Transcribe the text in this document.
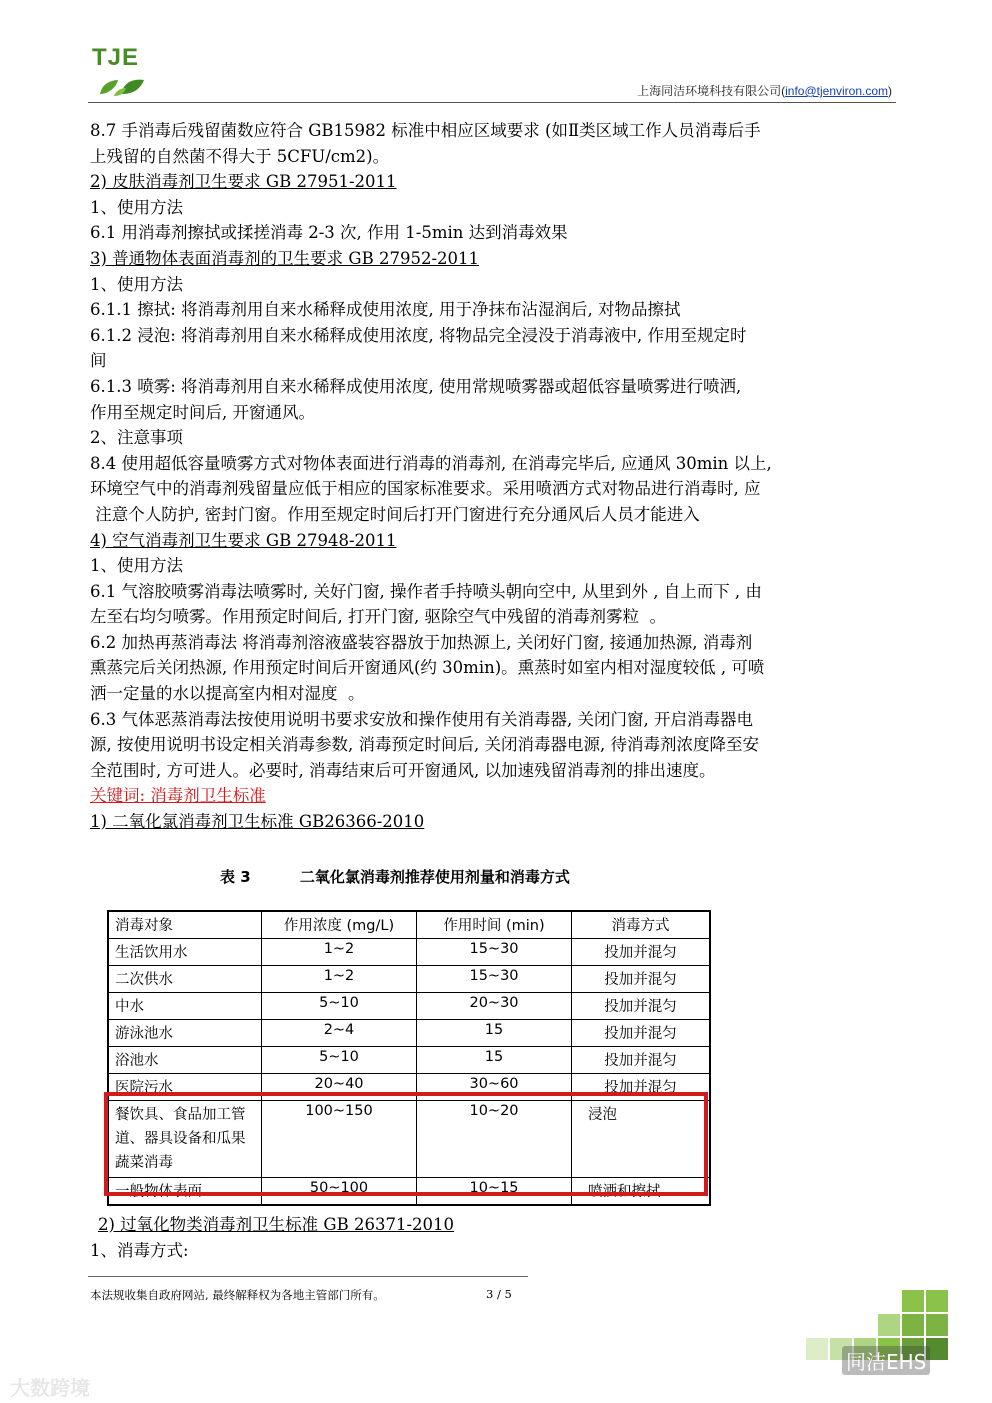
TJE
上海同洁环境科技有限公司(info@tjenviron.com)

8.7 手消毒后残留菌数应符合 GB15982 标准中相应区域要求 (如Ⅱ类区域工作人员消毒后手

上残留的自然菌不得大于 5CFU/cm2)。

2) 皮肤消毒剂卫生要求 GB 27951-2011

1、使用方法

6.1 用消毒剂擦拭或揉搓消毒 2-3 次, 作用 1-5min 达到消毒效果

3) 普通物体表面消毒剂的卫生要求 GB 27952-2011

1、使用方法

6.1.1 擦拭: 将消毒剂用自来水稀释成使用浓度, 用于净抹布沾湿润后, 对物品擦拭

6.1.2 浸泡: 将消毒剂用自来水稀释成使用浓度, 将物品完全浸没于消毒液中, 作用至规定时

间

6.1.3 喷雾: 将消毒剂用自来水稀释成使用浓度, 使用常规喷雾器或超低容量喷雾进行喷洒,

作用至规定时间后, 开窗通风。

2、注意事项

8.4 使用超低容量喷雾方式对物体表面进行消毒的消毒剂, 在消毒完毕后, 应通风 30min 以上,

环境空气中的消毒剂残留量应低于相应的国家标准要求。采用喷洒方式对物品进行消毒时, 应

注意个人防护, 密封门窗。作用至规定时间后打开门窗进行充分通风后人员才能进入

4) 空气消毒剂卫生要求 GB 27948-2011

1、使用方法

6.1 气溶胶喷雾消毒法喷雾时, 关好门窗, 操作者手持喷头朝向空中, 从里到外 , 自上而下 , 由

左至右均匀喷雾。作用预定时间后, 打开门窗, 驱除空气中残留的消毒剂雾粒  。

6.2 加热再蒸消毒法 将消毒剂溶液盛装容器放于加热源上, 关闭好门窗, 接通加热源, 消毒剂

熏蒸完后关闭热源, 作用预定时间后开窗通风(约 30min)。熏蒸时如室内相对湿度较低 , 可喷

洒一定量的水以提高室内相对湿度  。

6.3 气体恶蒸消毒法按使用说明书要求安放和操作使用有关消毒器, 关闭门窗, 开启消毒器电

源, 按使用说明书设定相关消毒参数, 消毒预定时间后, 关闭消毒器电源, 待消毒剂浓度降至安

全范围时, 方可进人。必要时, 消毒结束后可开窗通风, 以加速残留消毒剂的排出速度。

关键词: 消毒剂卫生标准

1) 二氧化氯消毒剂卫生标准 GB26366-2010

表 3	二氧化氯消毒剂推荐使用剂量和消毒方式
消毒对象	作用浓度 (mg/L)	作用时间 (min)	消毒方式
生活饮用水	1~2	15~30	投加并混匀
二次供水	1~2	15~30	投加并混匀
中水	5~10	20~30	投加并混匀
游泳池水	2~4	15	投加并混匀
浴池水	5~10	15	投加并混匀
医院污水	20~40	30~60	投加并混匀
餐饮具、食品加工管道、器具设备和瓜果蔬菜消毒	100~150	10~20	浸泡
一般物体表面	50~100	10~15	喷洒和擦拭

2) 过氧化物类消毒剂卫生标准 GB 26371-2010

1、消毒方式:

本法规收集自政府网站, 最终解释权为各地主管部门所有。	3 / 5
大数跨境
同洁EHS
